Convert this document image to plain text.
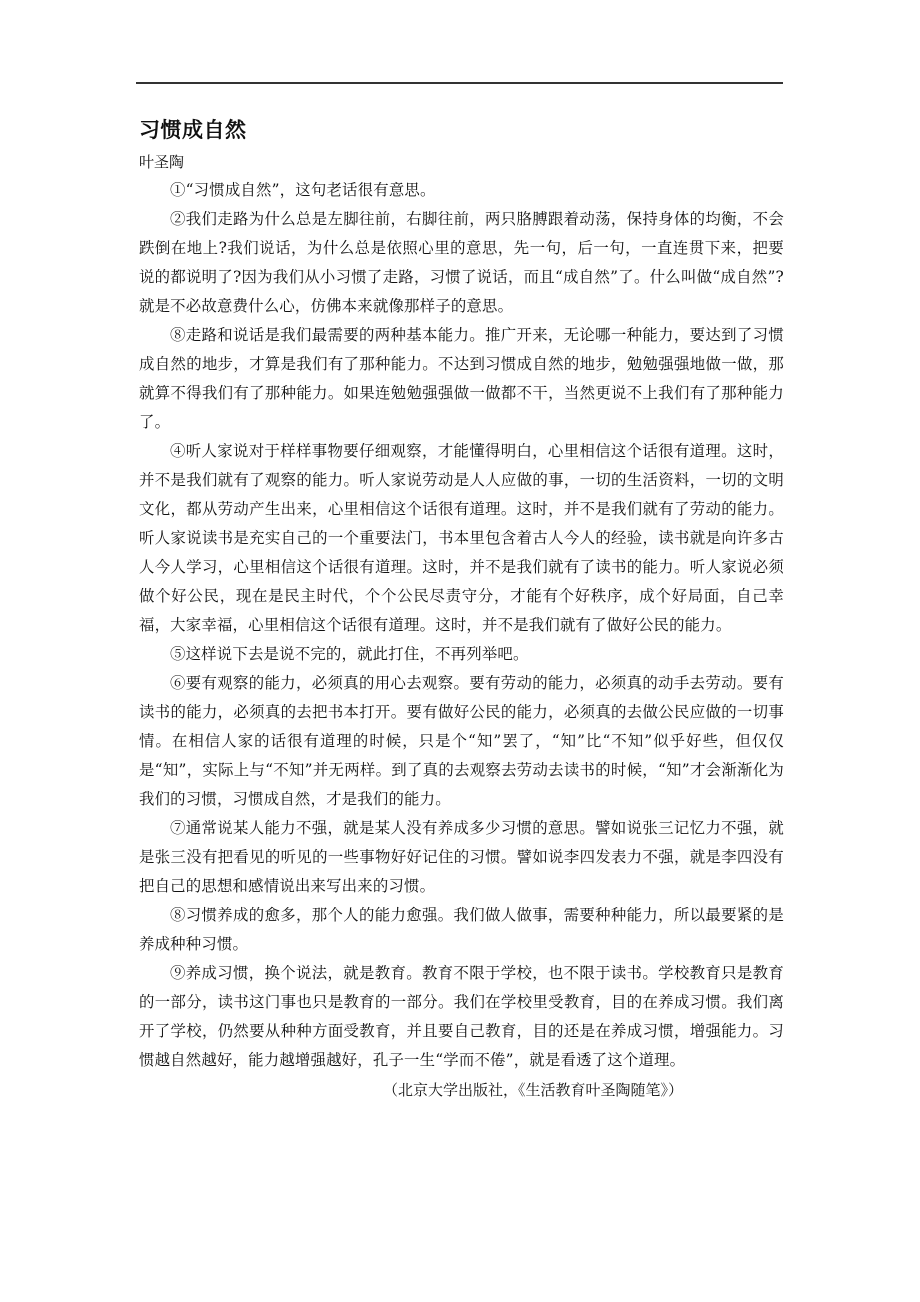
习惯成自然

叶圣陶

①“习惯成自然”，这句老话很有意思。

②我们走路为什么总是左脚往前，右脚往前，两只胳膊跟着动荡，保持身体的均衡，不会跌倒在地上?我们说话，为什么总是依照心里的意思，先一句，后一句，一直连贯下来，把要说的都说明了?因为我们从小习惯了走路，习惯了说话，而且“成自然”了。什么叫做“成自然”?就是不必故意费什么心，仿佛本来就像那样子的意思。

⑧走路和说话是我们最需要的两种基本能力。推广开来，无论哪一种能力，要达到了习惯成自然的地步，才算是我们有了那种能力。不达到习惯成自然的地步，勉勉强强地做一做，那就算不得我们有了那种能力。如果连勉勉强强做一做都不干，当然更说不上我们有了那种能力了。

④听人家说对于样样事物要仔细观察，才能懂得明白，心里相信这个话很有道理。这时，并不是我们就有了观察的能力。听人家说劳动是人人应做的事，一切的生活资料，一切的文明文化，都从劳动产生出来，心里相信这个话很有道理。这时，并不是我们就有了劳动的能力。听人家说读书是充实自己的一个重要法门，书本里包含着古人今人的经验，读书就是向许多古人今人学习，心里相信这个话很有道理。这时，并不是我们就有了读书的能力。听人家说必须做个好公民，现在是民主时代，个个公民尽责守分，才能有个好秩序，成个好局面，自己幸福，大家幸福，心里相信这个话很有道理。这时，并不是我们就有了做好公民的能力。

⑤这样说下去是说不完的，就此打住，不再列举吧。

⑥要有观察的能力，必须真的用心去观察。要有劳动的能力，必须真的动手去劳动。要有读书的能力，必须真的去把书本打开。要有做好公民的能力，必须真的去做公民应做的一切事情。在相信人家的话很有道理的时候，只是个“知”罢了，“知”比“不知”似乎好些，但仅仅是“知”，实际上与“不知”并无两样。到了真的去观察去劳动去读书的时候，“知”才会渐渐化为我们的习惯，习惯成自然，才是我们的能力。

⑦通常说某人能力不强，就是某人没有养成多少习惯的意思。譬如说张三记忆力不强，就是张三没有把看见的听见的一些事物好好记住的习惯。譬如说李四发表力不强，就是李四没有把自己的思想和感情说出来写出来的习惯。

⑧习惯养成的愈多，那个人的能力愈强。我们做人做事，需要种种能力，所以最要紧的是养成种种习惯。

⑨养成习惯，换个说法，就是教育。教育不限于学校，也不限于读书。学校教育只是教育的一部分，读书这门事也只是教育的一部分。我们在学校里受教育，目的在养成习惯。我们离开了学校，仍然要从种种方面受教育，并且要自己教育，目的还是在养成习惯，增强能力。习惯越自然越好，能力越增强越好，孔子一生“学而不倦”，就是看透了这个道理。

（北京大学出版社，《生活教育叶圣陶随笔》）
